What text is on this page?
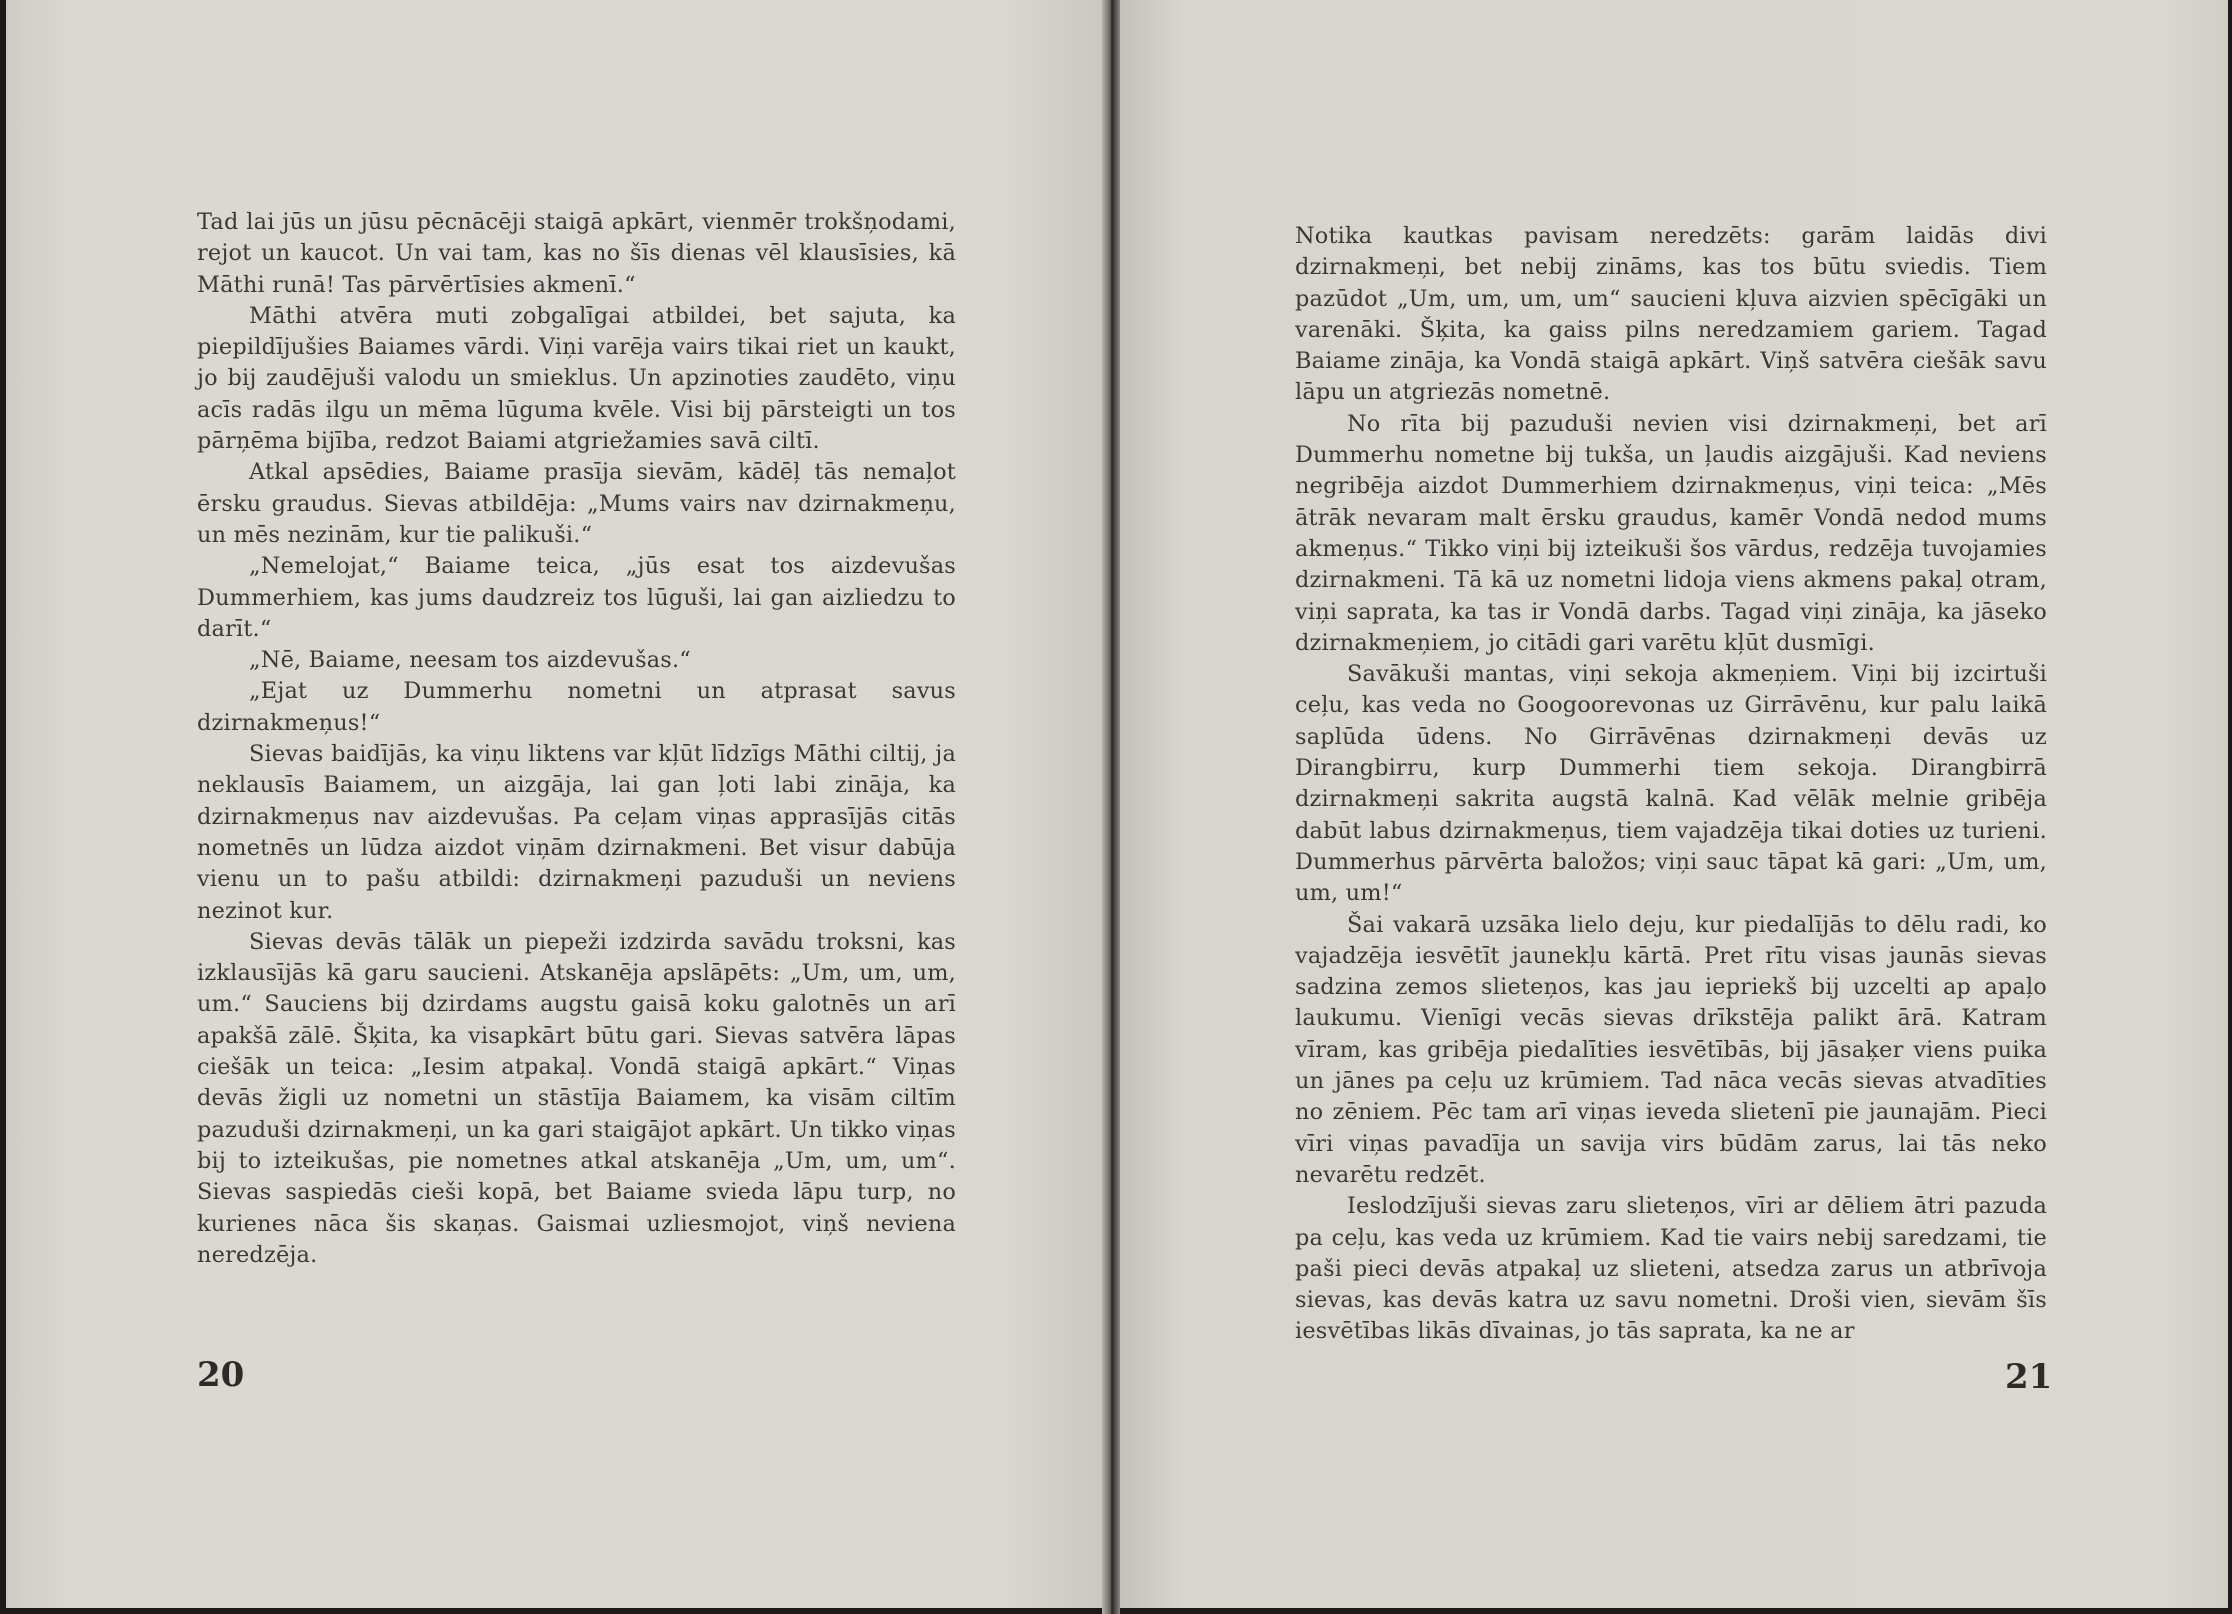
Tad lai jūs un jūsu pēcnācēji staigā apkārt, vienmēr trokšņodami, rejot un kaucot. Un vai tam, kas no šīs dienas vēl klausīsies, kā Māthi runā! Tas pārvērtīsies akmenī.“

Māthi atvēra muti zobgalīgai atbildei, bet sajuta, ka piepildījušies Baiames vārdi. Viņi varēja vairs tikai riet un kaukt, jo bij zaudējuši valodu un smieklus. Un apzinoties zaudēto, viņu acīs radās ilgu un mēma lūguma kvēle. Visi bij pārsteigti un tos pārņēma bijība, redzot Baiami atgriežamies savā ciltī.

Atkal apsēdies, Baiame prasīja sievām, kādēļ tās nemaļot ērsku graudus. Sievas atbildēja: „Mums vairs nav dzirnakmeņu, un mēs nezinām, kur tie palikuši.“

„Nemelojat,“ Baiame teica, „jūs esat tos aizdevušas Dummerhiem, kas jums daudzreiz tos lūguši, lai gan aizliedzu to darīt.“

„Nē, Baiame, neesam tos aizdevušas.“

„Ejat uz Dummerhu nometni un atprasat savus dzirnakmeņus!“

Sievas baidījās, ka viņu liktens var kļūt līdzīgs Māthi ciltij, ja neklausīs Baiamem, un aizgāja, lai gan ļoti labi zināja, ka dzirnakmeņus nav aizdevušas. Pa ceļam viņas apprasījās citās nometnēs un lūdza aizdot viņām dzirnakmeni. Bet visur dabūja vienu un to pašu atbildi: dzirnakmeņi pazuduši un neviens nezinot kur.

Sievas devās tālāk un piepeži izdzirda savādu troksni, kas izklausījās kā garu saucieni. Atskanēja apslāpēts: „Um, um, um, um.“ Sauciens bij dzirdams augstu gaisā koku galotnēs un arī apakšā zālē. Šķita, ka visapkārt būtu gari. Sievas satvēra lāpas ciešāk un teica: „Iesim atpakaļ. Vondā staigā apkārt.“ Viņas devās žigli uz nometni un stāstīja Baiamem, ka visām ciltīm pazuduši dzirnakmeņi, un ka gari staigājot apkārt. Un tikko viņas bij to izteikušas, pie nometnes atkal atskanēja „Um, um, um“. Sievas saspiedās cieši kopā, bet Baiame svieda lāpu turp, no kurienes nāca šis skaņas. Gaismai uzliesmojot, viņš neviena neredzēja.

20

Notika kautkas pavisam neredzēts: garām laidās divi dzirnakmeņi, bet nebij zināms, kas tos būtu sviedis. Tiem pazūdot „Um, um, um, um“ saucieni kļuva aizvien spēcīgāki un varenāki. Šķita, ka gaiss pilns neredzamiem gariem. Tagad Baiame zināja, ka Vondā staigā apkārt. Viņš satvēra ciešāk savu lāpu un atgriezās nometnē.

No rīta bij pazuduši nevien visi dzirnakmeņi, bet arī Dummerhu nometne bij tukša, un ļaudis aizgājuši. Kad neviens negribēja aizdot Dummerhiem dzirnakmeņus, viņi teica: „Mēs ātrāk nevaram malt ērsku graudus, kamēr Vondā nedod mums akmeņus.“ Tikko viņi bij izteikuši šos vārdus, redzēja tuvojamies dzirnakmeni. Tā kā uz nometni lidoja viens akmens pakaļ otram, viņi saprata, ka tas ir Vondā darbs. Tagad viņi zināja, ka jāseko dzirnakmeņiem, jo citādi gari varētu kļūt dusmīgi.

Savākuši mantas, viņi sekoja akmeņiem. Viņi bij izcirtuši ceļu, kas veda no Googoorevonas uz Girrāvēnu, kur palu laikā saplūda ūdens. No Girrāvēnas dzirnakmeņi devās uz Dirangbirru, kurp Dummerhi tiem sekoja. Dirangbirrā dzirnakmeņi sakrita augstā kalnā. Kad vēlāk melnie gribēja dabūt labus dzirnakmeņus, tiem vajadzēja tikai doties uz turieni. Dummerhus pārvērta baložos; viņi sauc tāpat kā gari: „Um, um, um, um!“

Šai vakarā uzsāka lielo deju, kur piedalījās to dēlu radi, ko vajadzēja iesvētīt jaunekļu kārtā. Pret rītu visas jaunās sievas sadzina zemos slieteņos, kas jau iepriekš bij uzcelti ap apaļo laukumu. Vienīgi vecās sievas drīkstēja palikt ārā. Katram vīram, kas gribēja piedalīties iesvētībās, bij jāsaķer viens puika un jānes pa ceļu uz krūmiem. Tad nāca vecās sievas atvadīties no zēniem. Pēc tam arī viņas ieveda slietenī pie jaunajām. Pieci vīri viņas pavadīja un savija virs būdām zarus, lai tās neko nevarētu redzēt.

Ieslodzījuši sievas zaru slieteņos, vīri ar dēliem ātri pazuda pa ceļu, kas veda uz krūmiem. Kad tie vairs nebij saredzami, tie paši pieci devās atpakaļ uz slieteni, atsedza zarus un atbrīvoja sievas, kas devās katra uz savu nometni. Droši vien, sievām šīs iesvētības likās dīvainas, jo tās saprata, ka ne ar

21
